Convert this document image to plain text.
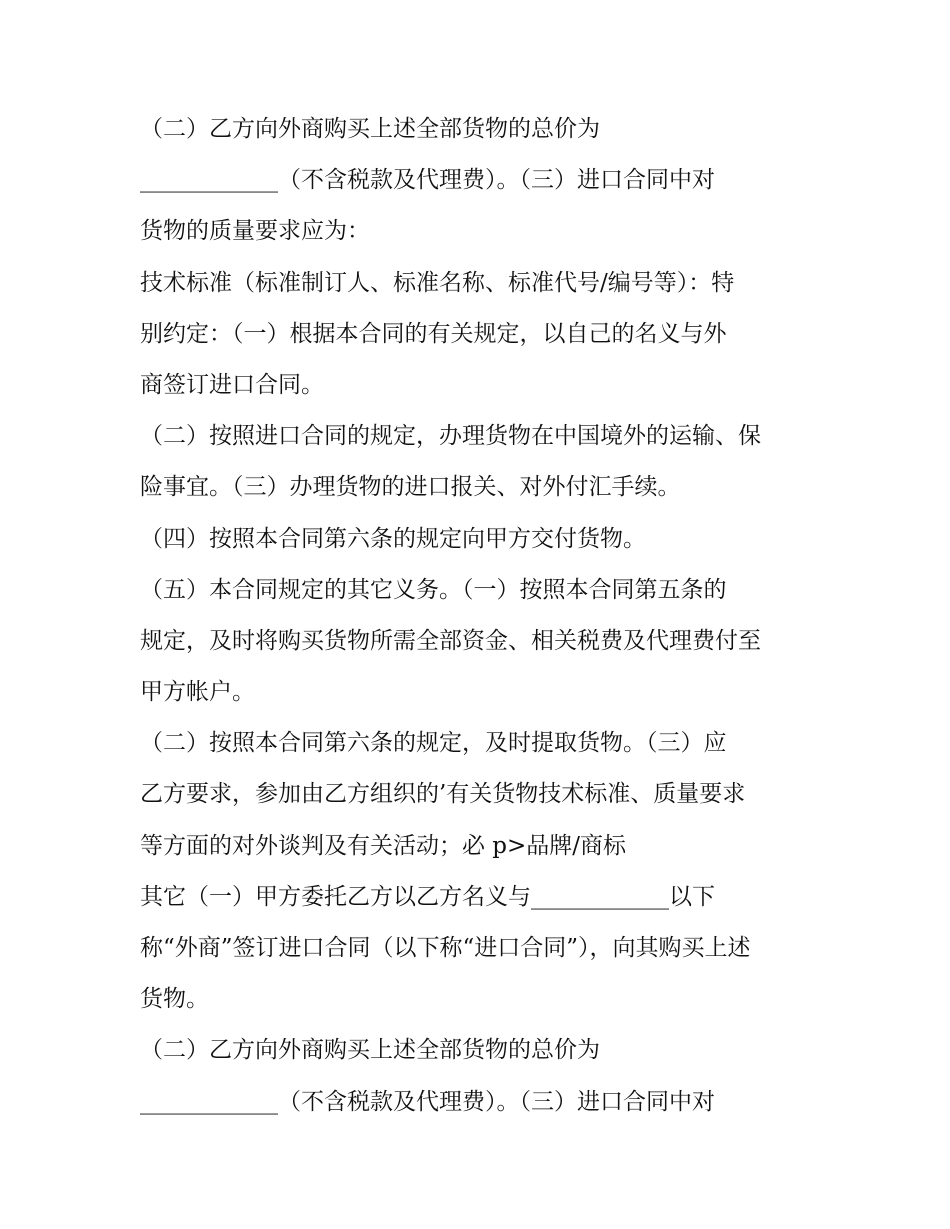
（二）乙方向外商购买上述全部货物的总价为
____________（不含税款及代理费）。（三）进口合同中对
货物的质量要求应为：
技术标准（标准制订人、标准名称、标准代号/编号等）：特
别约定：（一）根据本合同的有关规定，以自己的名义与外
商签订进口合同。
（二）按照进口合同的规定，办理货物在中国境外的运输、保
险事宜。（三）办理货物的进口报关、对外付汇手续。
（四）按照本合同第六条的规定向甲方交付货物。
（五）本合同规定的其它义务。（一）按照本合同第五条的
规定，及时将购买货物所需全部资金、相关税费及代理费付至
甲方帐户。
（二）按照本合同第六条的规定，及时提取货物。（三）应
乙方要求，参加由乙方组织的’有关货物技术标准、质量要求
等方面的对外谈判及有关活动；必 p>品牌/商标
其它（一）甲方委托乙方以乙方名义与____________以下
称“外商”签订进口合同（以下称“进口合同”），向其购买上述
货物。
（二）乙方向外商购买上述全部货物的总价为
____________（不含税款及代理费）。（三）进口合同中对
